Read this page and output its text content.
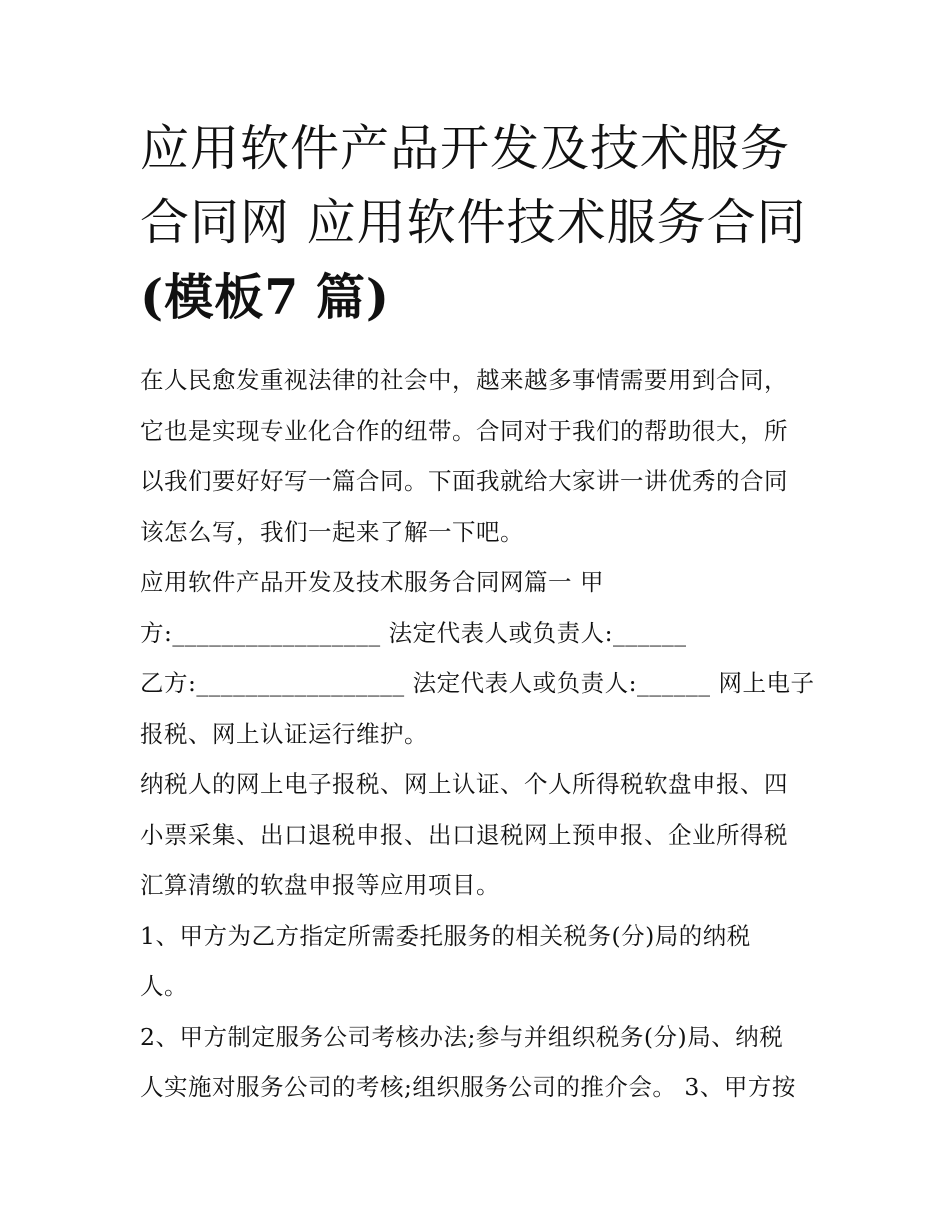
应用软件产品开发及技术服务
合同网 应用软件技术服务合同
(模板7 篇)

在人民愈发重视法律的社会中，越来越多事情需要用到合同，
它也是实现专业化合作的纽带。合同对于我们的帮助很大，所
以我们要好好写一篇合同。下面我就给大家讲一讲优秀的合同
该怎么写，我们一起来了解一下吧。

应用软件产品开发及技术服务合同网篇一 甲
方:_________________ 法定代表人或负责人:______
乙方:_________________ 法定代表人或负责人:______ 网上电子
报税、网上认证运行维护。

纳税人的网上电子报税、网上认证、个人所得税软盘申报、四
小票采集、出口退税申报、出口退税网上预申报、企业所得税
汇算清缴的软盘申报等应用项目。

1、甲方为乙方指定所需委托服务的相关税务(分)局的纳税
人。

2、甲方制定服务公司考核办法;参与并组织税务(分)局、纳税
人实施对服务公司的考核;组织服务公司的推介会。 3、甲方按
